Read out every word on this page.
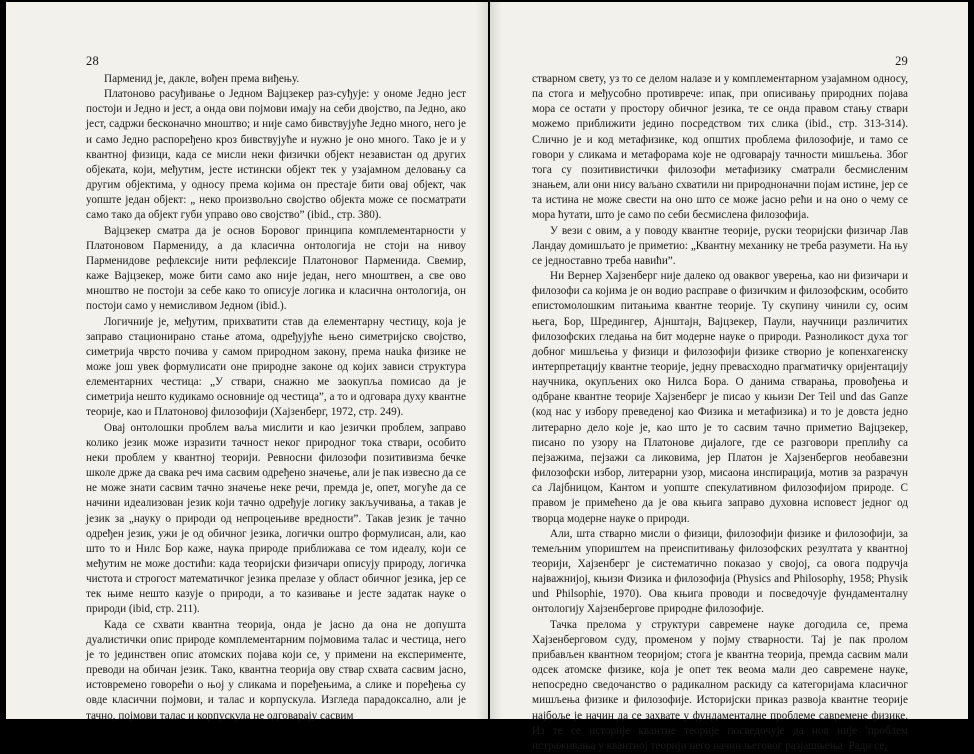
28

Парменид је, дакле, вођен према виђењу.

Платоново расуђивање о Једном Вајцзекер раз-суђује: у ономе Једно јест постоји и Једно и јест, а онда ови појмови имају на себи двојство, па Једно, ако јест, садржи бесконачно мноштво; и није само бивствујуће Једно много, него је и само Једно распоређено кроз бивствујуће и нужно је оно много. Тако је и у квантној физици, када се мисли неки физички објект независтан од других објеката, који, међутим, јесте истински објект тек у узајамном деловању са другим објектима, у односу према којима он престаје бити овај објект, чак уопште један објект: „ неко произвољно својство објекта може се посматрати само тако да објект губи управо ово својство” (ibid., стр. 380).

Вајцзекер сматра да је основ Боровог принципа комплементарности у Платоновом Пармениду, а да класична онтологија не стоји на нивоу Парменидове рефлексије нити рефлексије Платоновог Парменида. Свемир, каже Вајцзекер, може бити само ако није један, него мноштвен, а све ово мноштво не постоји за себе како то описује логика и класична онтологија, он постоји само у немисливом Једном (ibid.).

Логичније је, међутим, прихватити став да елементарну честицу, која је заправо стационирано стање атома, одређујуће њено симетријско својство, симетрија чврсто почива у самом природном закону, према нauka физике не може још увек формулисати оне природне законе од којих зависи структура елементарних честица: „У ствари, снажно ме заокупља помисао да је симетрија нешто кудикамо основније од честица”, а то и одговара духу квантне теорије, као и Платоновој филозофији (Хајзенберг, 1972, стр. 249).

Овај онтолошки проблем ваља мислити и као језички проблем, заправо колико језик може изразити тачност неког природног тока ствари, особито неки проблем у квантној теорији. Ревносни филозофи позитивизма бечке школе држе да свака реч има сасвим одређено значење, али је пак извесно да се не може знати сасвим тачно значење неке речи, премда је, опет, могуће да се начини идеализован језик који тачно одређује логику закључивања, а такав је језик за „науку о природи од непроцењиве вредности”. Такав језик је тачно одређен језик, ужи је од обичног језика, логички оштро формулисан, али, као што то и Нилс Бор каже, наука природе приближава се том идеалу, који се међутим не може достићи: када теоријски физичари описују природу, логичка чистота и строгост математичког језика прелазе у област обичног језика, јер се тек њиме нешто казује о природи, а то казивање и јесте задатак науке о природи (ibid, стр. 211).

Када се схвати квантна теорија, онда је јасно да она не допушта дуалистички опис природе комплементарним појмовима талас и честица, него је то јединствен опис атомских појава који се, у примени на експерименте, преводи на обичан језик. Тако, квантна теорија ову ствар схвата сасвим јасно, истовремено говорећи о њој у сликама и поређењима, а слике и поређења су овде класични појмови, и талас и корпускула. Изгледа парадоксално, али је тачно, појмови талас и корпускула не одговарају сасвим

29

стварном свету, уз то се делом налазе и у комплементарном узајамном односу, па стога и међусобно противрече: ипак, при описивању природних појава мора се остати у простору обичног језика, те се онда правом стању ствари можемо приближити једино посредством тих слика (ibid., стр. 313-314). Слично је и код метафизике, код општих проблема филозофије, и тамо се говори у сликама и метафорама које не одговарају тачности мишљења. Због тога су позитивистички филозофи метафизику сматрали бесмисленим знањем, али они нису ваљано схватили ни природноначни појам истине, јер се та истина не може свести на оно што се може јасно рећи и на оно о чему се мора ћутати, што је само по себи бесмислена филозофија.

У вези с овим, а у поводу квантне теорије, руски теоријски физичар Лав Ландау домишљато је приметио: „Квантну механику не треба разумети. На њу се једноставно треба навићи”.

Ни Вернер Хајзенберг није далеко од оваквог уверења, као ни физичари и филозофи са којима је он водио расправе о физичким и филозофским, особито епистомолошким питањима квантне теорије. Ту скупину чинили су, осим њега, Бор, Шредингер, Ајнштајн, Вајцзекер, Паули, научници различитих филозофских гледања на бит модерне науке о природи. Разноликост духа тог добног мишљења у физици и филозофији физике створио је копенхагенску интерпретацију квантне теорије, једну превасходно прагматичку оријентацију научника, окупљених око Нилса Бора. О данима стварања, провођења и одбране квантне теорије Хајзенберг је писао у књизи Der Teil und das Ganze (код нас у избору преведеној као Физика и метафизика) и то је довста једно литерарно дело које је, као што је то сасвим тачно приметио Вајцзекер, писано по узору на Платонове дијалоге, где се разговори преплићу са пејзажима, пејзажи са ликовима, јер Платон је Хајзенбергов необавезни филозофски избор, литерарни узор, мисаона инспирација, мотив за разрачун са Лајбницом, Кантом и уопште спекулативном филозофијом природе. С правом је примећено да је ова књига заправо духовна исповест једног од творца модерне науке о природи.

Али, шта стварно мисли о физици, филозофији физике и филозофији, за темељним упориштем на преиспитивању филозофских резултата у квантној теорији, Хајзенберг је систематично показао у својој, са овога подручја најважнијој, књизи Физика и филозофија (Physics and Philosophy, 1958; Physik und Philsophie, 1970). Ова књига проводи и посведочује фундаменталну онтологију Хајзенбергове природне филозофије.

Тачка прелома у структури савремене науке догодила се, према Хајзенберговом суду, променом у појму стварности. Тај је пак пролом прибављен квантном теоријом; стога је квантна теорија, премда сасвим мали одсек атомске физике, која је опет тек веома мали део савремене науке, непосредно сведочанство о радикалном раскиду са категоријама класичног мишљења физике и филозофије. Историјски приказ развоја квантне теорије најбоље је начин да се захвате у фундаменталне проблеме савремене физике. Из те се историје квантне теорије посведочује да нов није ʹпроблем истраживања у квантној теорији него начин његовог разјашњења. Ради се,
